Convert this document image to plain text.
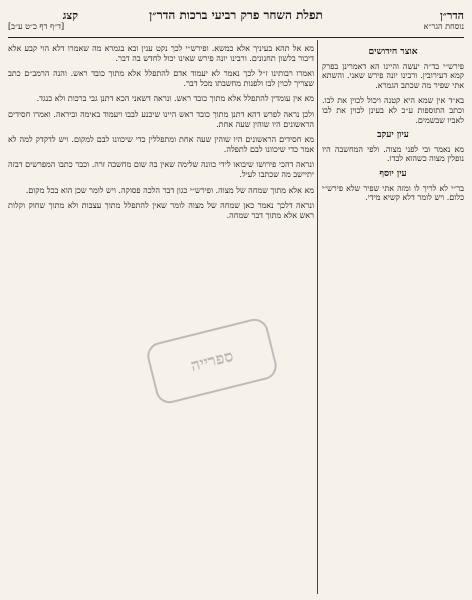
הדר״ן
תפלת השחר פרק רביעי ברכות הדר״ן
קצג
נוסחת הגר״א
[ד״ף דף כ״ט ע״ב]
אוצר חידושים
פירש״י בד״ה יעשה והיינו הא דאמרינן בפרק קמא דעירובין. ורבינו יונה פירש שאני. והשתא אתי שפיר מה שכתב הגמרא.
בא״ד אין שמא היא קטנה ויכול לכוין את לבו. וכתב התוספות ע״כ לא בעינן לכוין את לבו לאביו שבשמים.
עיון יעקב
מא נאמר ובי לפני מצוה. ולפי המחשבה היו נופלין מצוה כשהוא לבדו.
עין יוסף
בר״י לא לריך לו ומזה אתי שפיר שלא פירש״י כלום. ויש לומר דלא קשיא מידי.
מא אל תהא בעיניך אלא כמשא. ופירש״י לכך נקט ענין ובא בגמרא מה שאמרו דלא הוי קבע אלא דיבור בלשון תחנונים. ורבינו יונה פירש שאינו יכול לחדש בה דבר.
ואמרו רבותינו ז״ל לכך נאמר לא יעמוד אדם להתפלל אלא מתוך כובד ראש. והנה הרמב״ם כתב שצריך לכוין לבו ולפנות מחשבתו מכל דבר.
מא אין עומדין להתפלל אלא מתוך כובד ראש. ונראה דשאני הכא דתנן גבי ברכות ולא כנגד.
ולכן נראה לפרש דהא דתנן מתוך כובד ראש היינו שיכנע לבבו ויעמוד באימה וביראה. ואמרו חסידים הראשונים היו שוהין שעה אחת.
מא חסידים הראשונים היו שוהין שעה אחת ומתפללין כדי שיכוונו לבם למקום. ויש לדקדק למה לא אמר כדי שיכוונו לבם לתפלה.
ונראה דהכי פירושו שיבואו לידי כוונה שלימה שאין בה שום מחשבה זרה. וכבר כתבו המפרשים דבזה יתיישב מה שכתבו לעיל.
מא אלא מתוך שמחה של מצוה. ופירש״י כגון דבר הלכה פסוקה. ויש לומר שכן הוא בכל מקום.
ונראה דלכך נאמר כאן שמחה של מצוה לומר שאין להתפלל מתוך עצבות ולא מתוך שחוק וקלות ראש אלא מתוך דבר שמחה.
ספרייה
